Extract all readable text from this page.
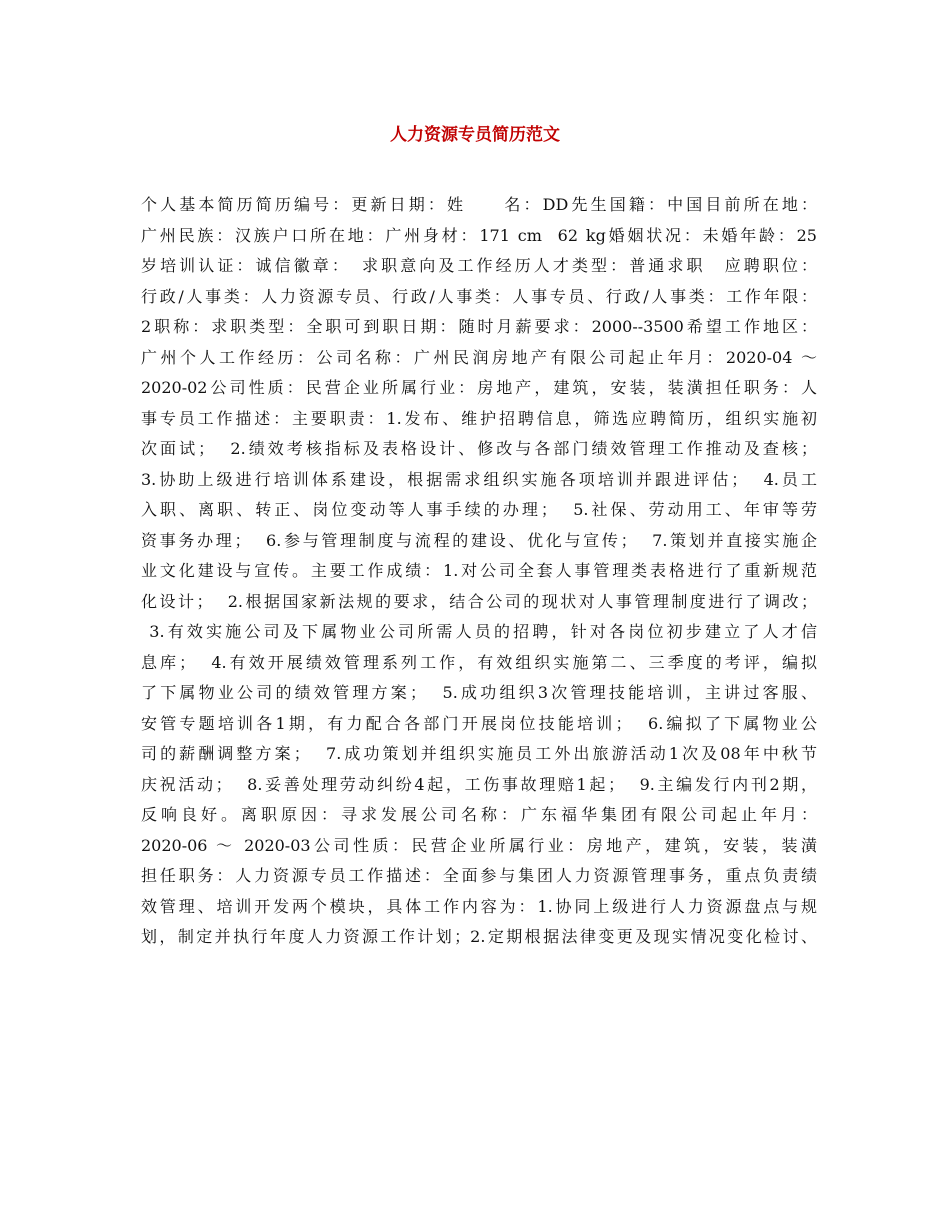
人力资源专员简历范文
个人基本简历简历编号：更新日期：姓　　名：DD先生国籍：中国目前所在地：
广州民族：汉族户口所在地：广州身材：171 cm  62 kg婚姻状况：未婚年龄：25
岁培训认证：诚信徽章：　求职意向及工作经历人才类型：普通求职　应聘职位：
行政/人事类：人力资源专员、行政/人事类：人事专员、行政/人事类：工作年限：
2职称：求职类型：全职可到职日期：随时月薪要求：2000--3500希望工作地区：
广州个人工作经历：公司名称：广州民润房地产有限公司起止年月：2020-04 ～
2020-02公司性质：民营企业所属行业：房地产，建筑，安装，装潢担任职务：人
事专员工作描述：主要职责：1.发布、维护招聘信息，筛选应聘简历，组织实施初
次面试；  2.绩效考核指标及表格设计、修改与各部门绩效管理工作推动及查核；
3.协助上级进行培训体系建设，根据需求组织实施各项培训并跟进评估；  4.员工
入职、离职、转正、岗位变动等人事手续的办理；  5.社保、劳动用工、年审等劳
资事务办理；  6.参与管理制度与流程的建设、优化与宣传；  7.策划并直接实施企
业文化建设与宣传。主要工作成绩：1.对公司全套人事管理类表格进行了重新规范
化设计；  2.根据国家新法规的要求，结合公司的现状对人事管理制度进行了调改；
3.有效实施公司及下属物业公司所需人员的招聘，针对各岗位初步建立了人才信
息库；  4.有效开展绩效管理系列工作，有效组织实施第二、三季度的考评，编拟
了下属物业公司的绩效管理方案；  5.成功组织3次管理技能培训，主讲过客服、
安管专题培训各1期，有力配合各部门开展岗位技能培训；  6.编拟了下属物业公
司的薪酬调整方案；  7.成功策划并组织实施员工外出旅游活动1次及08年中秋节
庆祝活动；  8.妥善处理劳动纠纷4起，工伤事故理赔1起；  9.主编发行内刊2期，
反响良好。离职原因：寻求发展公司名称：广东福华集团有限公司起止年月：
2020-06 ～ 2020-03公司性质：民营企业所属行业：房地产，建筑，安装，装潢
担任职务：人力资源专员工作描述：全面参与集团人力资源管理事务，重点负责绩
效管理、培训开发两个模块，具体工作内容为：1.协同上级进行人力资源盘点与规
划，制定并执行年度人力资源工作计划；2.定期根据法律变更及现实情况变化检讨、
